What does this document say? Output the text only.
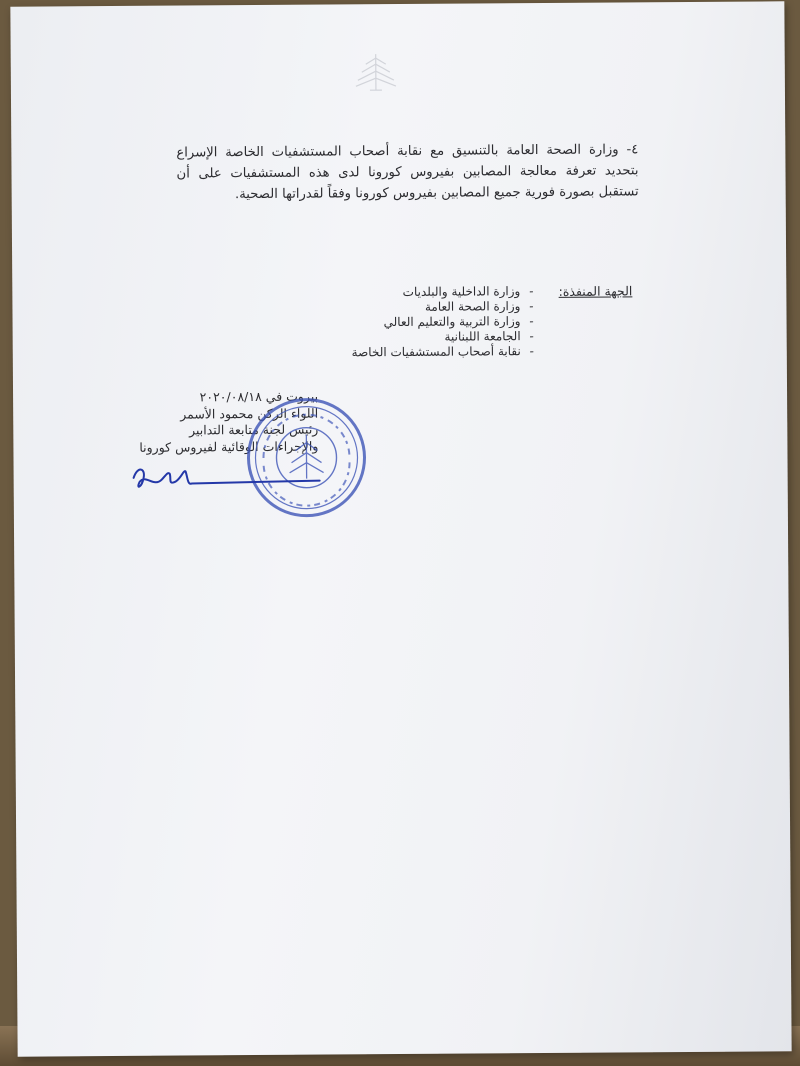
٤- وزارة الصحة العامة بالتنسيق مع نقابة أصحاب المستشفيات الخاصة الإسراع بتحديد تعرفة معالجة المصابين بفيروس كورونا لدى هذه المستشفيات على أن تستقبل بصورة فورية جميع المصابين بفيروس كورونا وفقاً لقدراتها الصحية.

الجهة المنفذة:
-
وزارة الداخلية والبلديات
-
وزارة الصحة العامة
-
وزارة التربية والتعليم العالي
-
الجامعة اللبنانية
-
نقابة أصحاب المستشفيات الخاصة
بيروت في ٢٠٢٠/٠٨/١٨
اللواء الركن محمود الأسمر
رئيس لجنة متابعة التدابير
والإجراءات الوقائية لفيروس كورونا
